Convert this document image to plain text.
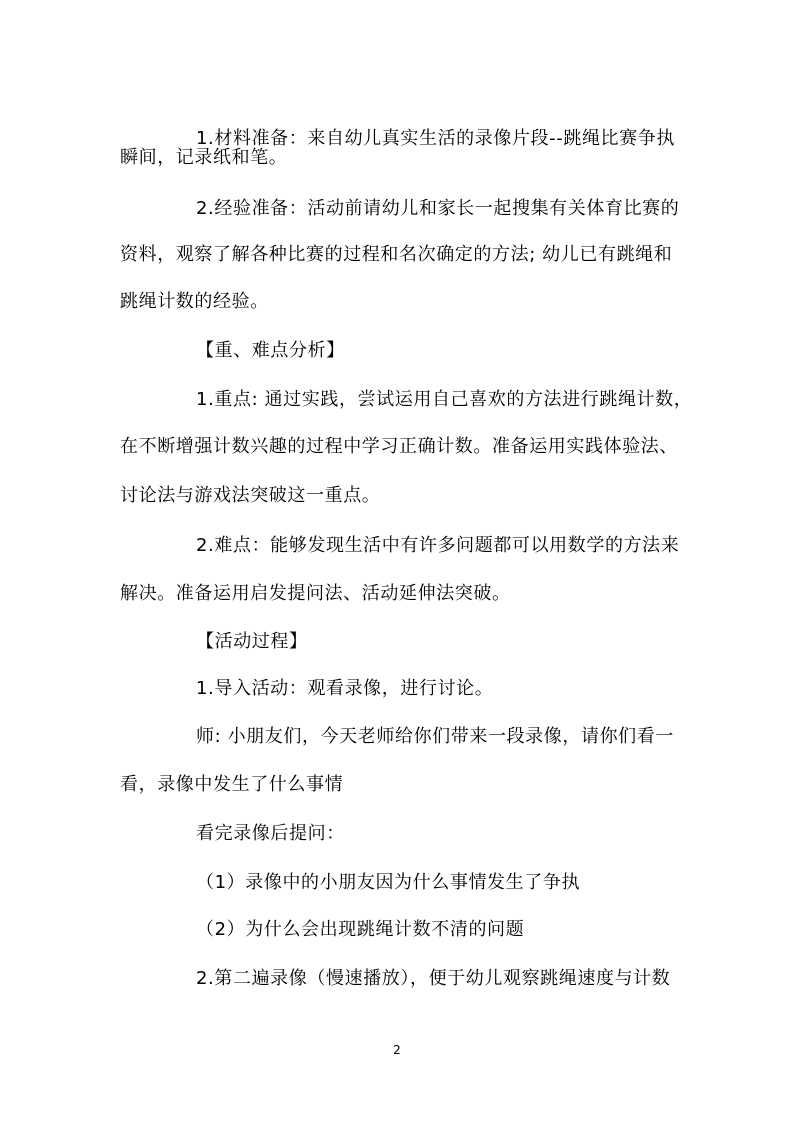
1.材料准备：来自幼儿真实生活的录像片段--跳绳比赛争执
瞬间，记录纸和笔。
2.经验准备：活动前请幼儿和家长一起搜集有关体育比赛的
资料，观察了解各种比赛的过程和名次确定的方法; 幼儿已有跳绳和
跳绳计数的经验。
【重、难点分析】
1.重点: 通过实践，尝试运用自己喜欢的方法进行跳绳计数，
在不断增强计数兴趣的过程中学习正确计数。准备运用实践体验法、
讨论法与游戏法突破这一重点。
2.难点：能够发现生活中有许多问题都可以用数学的方法来
解决。准备运用启发提问法、活动延伸法突破。
【活动过程】
1.导入活动：观看录像，进行讨论。
师: 小朋友们，今天老师给你们带来一段录像，请你们看一
看，录像中发生了什么事情
看完录像后提问：
（1）录像中的小朋友因为什么事情发生了争执
（2）为什么会出现跳绳计数不清的问题
2.第二遍录像（慢速播放），便于幼儿观察跳绳速度与计数
2
